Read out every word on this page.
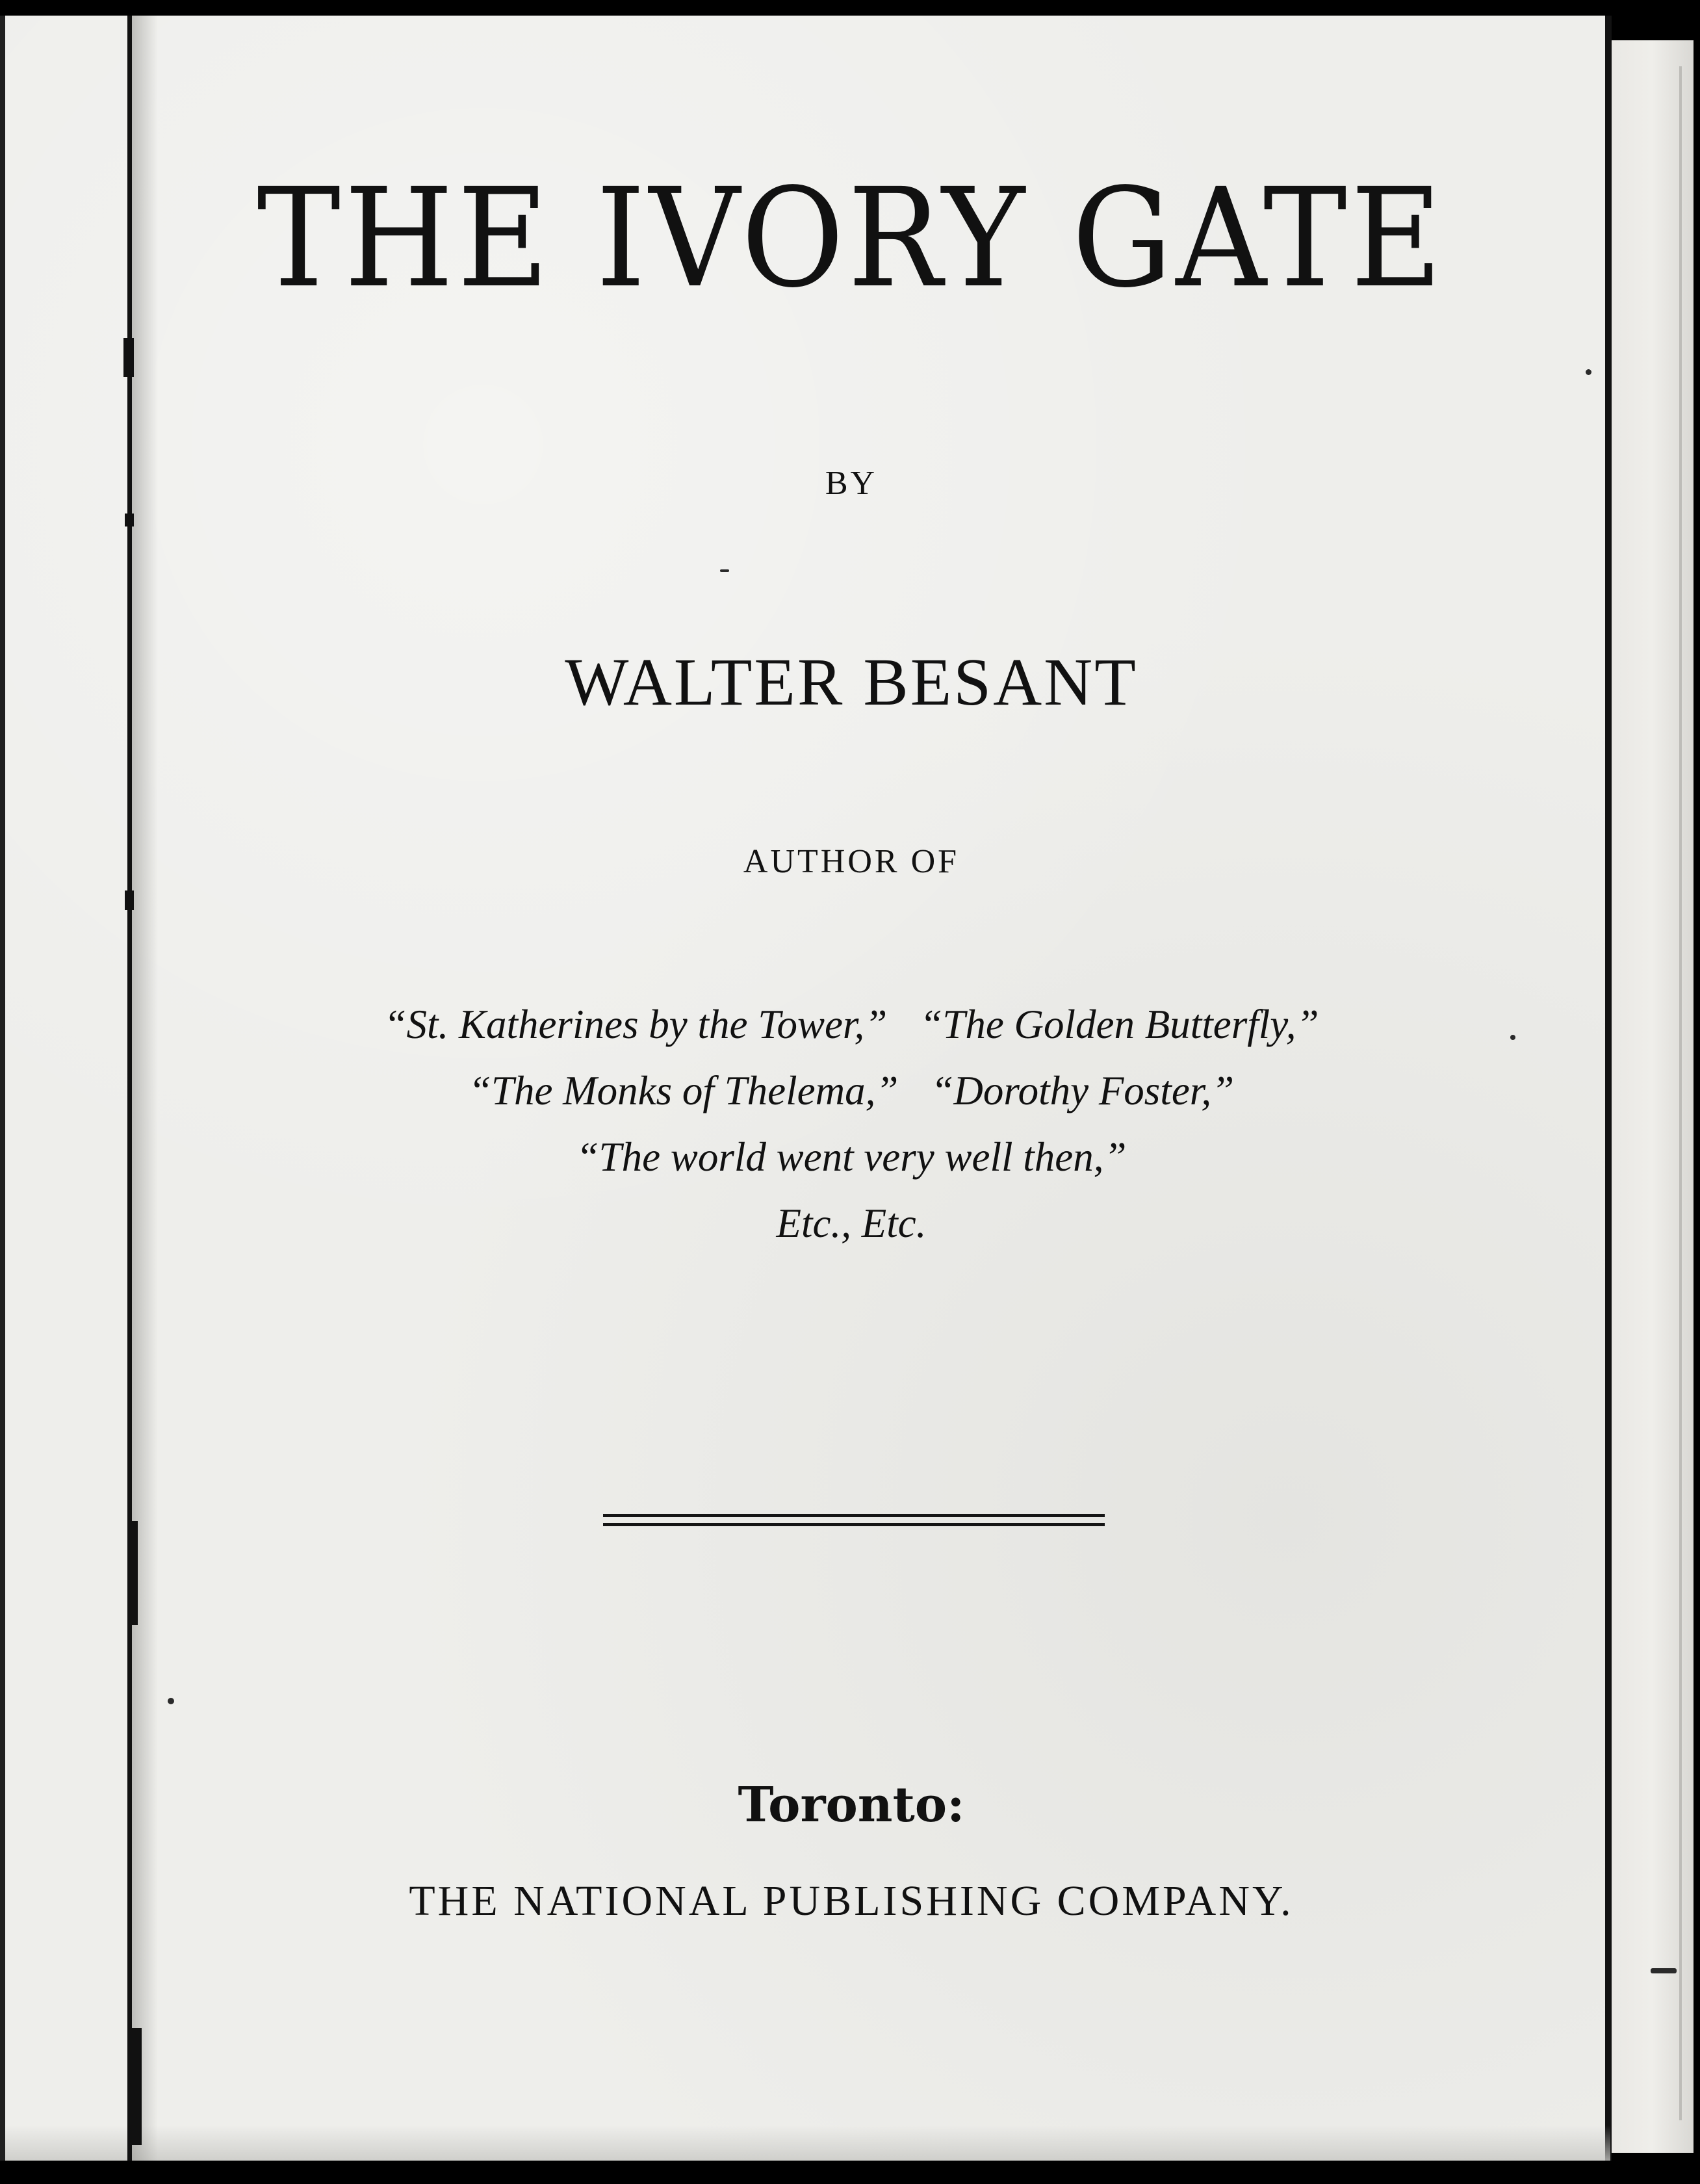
THE IVORY GATE
BY
WALTER BESANT
AUTHOR OF
“St. Katherines by the Tower,” “The Golden Butterfly,”
“The Monks of Thelema,” “Dorothy Foster,”
“The world went very well then,”
Etc., Etc.
Toronto:
THE NATIONAL PUBLISHING COMPANY.
